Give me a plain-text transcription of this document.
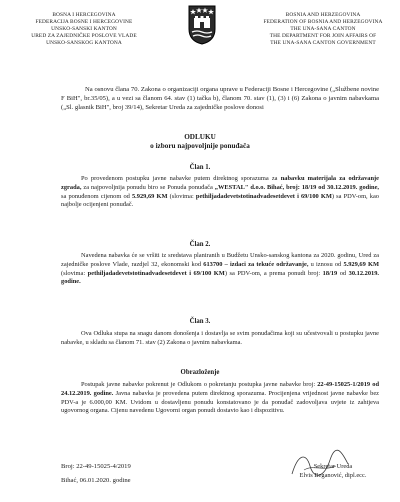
BOSNA I HERCEGOVINA
FEDERACIJA BOSNE I HERCEGOVINE
UNSKO-SANSKI KANTON
URED ZA ZAJEDNIČKE POSLOVE VLADE
UNSKO-SANSKOG KANTONA
BOSNIA AND HERZEGOVINA
FEDERATION OF BOSNIA AND HERZEGOVINA
THE UNA-SANA CANTON
THE DEPARTMENT FOR JOIN AFFAIRS OF
THE UNA-SANA CANTON GOVERNMENT
Na osnovu člana 70. Zakona o organizaciji organa uprave u Federaciji Bosne i Hercegovine („Službene novine F BiH", br.35/05), a u vezi sa članom 64. stav (1) tačka b), članom 70. stav (1), (3) i (6) Zakona o javnim nabavkama („Sl. glasnik BiH", broj 39/14), Sekretar Ureda za zajedničke poslove donosi
ODLUKU
o izboru najpovoljnije ponuđača
Član 1.

Po provedenom postupku javne nabavke putem direktnog sporazuma za nabavku materijala za održavanje zgrada, za najpovoljnija ponudu biro se Ponuda ponuđača „WESTAL" d.o.o. Bihać, broj: 18/19 od 30.12.2019. godine, sa ponuđenom cijenom od 5.929,69 KM (slovima: pethiljadadevetstotinadvadesetdevet i 69/100 KM) sa PDV-om, kao najbolje ocijenjeni ponuđač.

Član 2.

Navedena nabavka će se vršiti iz sredstava planiranih u Budžetu Unsko-sanskog kantona za 2020. godinu, Ured za zajedničke poslove Vlade, razdjel 32, ekonomski kod 613700 – izdaci za tekuće održavanje, u iznosu od 5.929,69 KM (slovima: pethiljadadevetstotinadvadesetdevet i 69/100 KM) sa PDV-om, a prema ponudi broj: 18/19 od 30.12.2019. godine.

Član 3.

Ova Odluka stupa na snagu danom donošenja i dostavlja se svim ponuđačima koji su učestvovali u postupku javne nabavke, u skladu sa članom 71. stav (2) Zakona o javnim nabavkama.

Obrazloženje

Postupak javne nabavke pokrenut je Odlukom o pokretanju postupka javne nabavke broj: 22-49-15025-1/2019 od 24.12.2019. godine. Javna nabavka je provedena putem direktnog sporazuma. Procijenjena vrijednost javne nabavke bez PDV-a je 6.000,00 KM. Uvidom u dostavljenu ponudu konstatovano je da ponuđač zadovoljava uvjete iz zahtjeva ugovornog organa. Cijenu navedenu Ugovorni organ ponudi dostavio kao i dispozitivu.

Broj: 22-49-15025-4/2019
Bihać, 06.01.2020. godine
Sekretar Ureda
Elvis Beganović, dipl.ecc.
